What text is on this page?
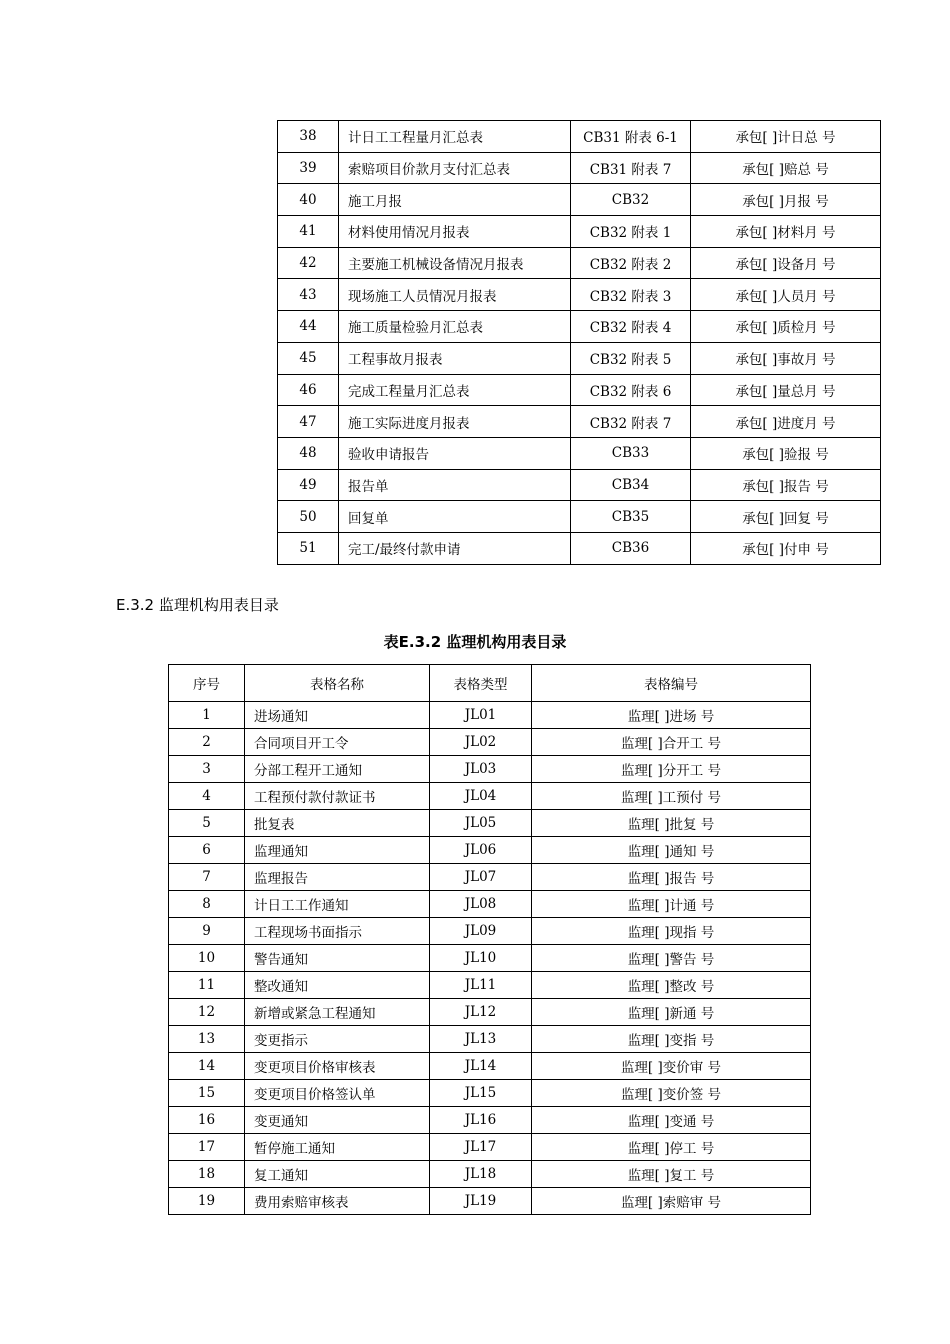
38	计日工工程量月汇总表	CB31 附表 6-1	承包[ ]计日总 号
39	索赔项目价款月支付汇总表	CB31 附表 7	承包[ ]赔总 号
40	施工月报	CB32	承包[ ]月报 号
41	材料使用情况月报表	CB32 附表 1	承包[ ]材料月 号
42	主要施工机械设备情况月报表	CB32 附表 2	承包[ ]设备月 号
43	现场施工人员情况月报表	CB32 附表 3	承包[ ]人员月 号
44	施工质量检验月汇总表	CB32 附表 4	承包[ ]质检月 号
45	工程事故月报表	CB32 附表 5	承包[ ]事故月 号
46	完成工程量月汇总表	CB32 附表 6	承包[ ]量总月 号
47	施工实际进度月报表	CB32 附表 7	承包[ ]进度月 号
48	验收申请报告	CB33	承包[ ]验报 号
49	报告单	CB34	承包[ ]报告 号
50	回复单	CB35	承包[ ]回复 号
51	完工/最终付款申请	CB36	承包[ ]付申 号
E.3.2 监理机构用表目录
表E.3.2 监理机构用表目录
序号	表格名称	表格类型	表格编号
1	进场通知	JL01	监理[ ]进场 号
2	合同项目开工令	JL02	监理[ ]合开工 号
3	分部工程开工通知	JL03	监理[ ]分开工 号
4	工程预付款付款证书	JL04	监理[ ]工预付 号
5	批复表	JL05	监理[ ]批复 号
6	监理通知	JL06	监理[ ]通知 号
7	监理报告	JL07	监理[ ]报告 号
8	计日工工作通知	JL08	监理[ ]计通 号
9	工程现场书面指示	JL09	监理[ ]现指 号
10	警告通知	JL10	监理[ ]警告 号
11	整改通知	JL11	监理[ ]整改 号
12	新增或紧急工程通知	JL12	监理[ ]新通 号
13	变更指示	JL13	监理[ ]变指 号
14	变更项目价格审核表	JL14	监理[ ]变价审 号
15	变更项目价格签认单	JL15	监理[ ]变价签 号
16	变更通知	JL16	监理[ ]变通 号
17	暂停施工通知	JL17	监理[ ]停工 号
18	复工通知	JL18	监理[ ]复工 号
19	费用索赔审核表	JL19	监理[ ]索赔审 号
